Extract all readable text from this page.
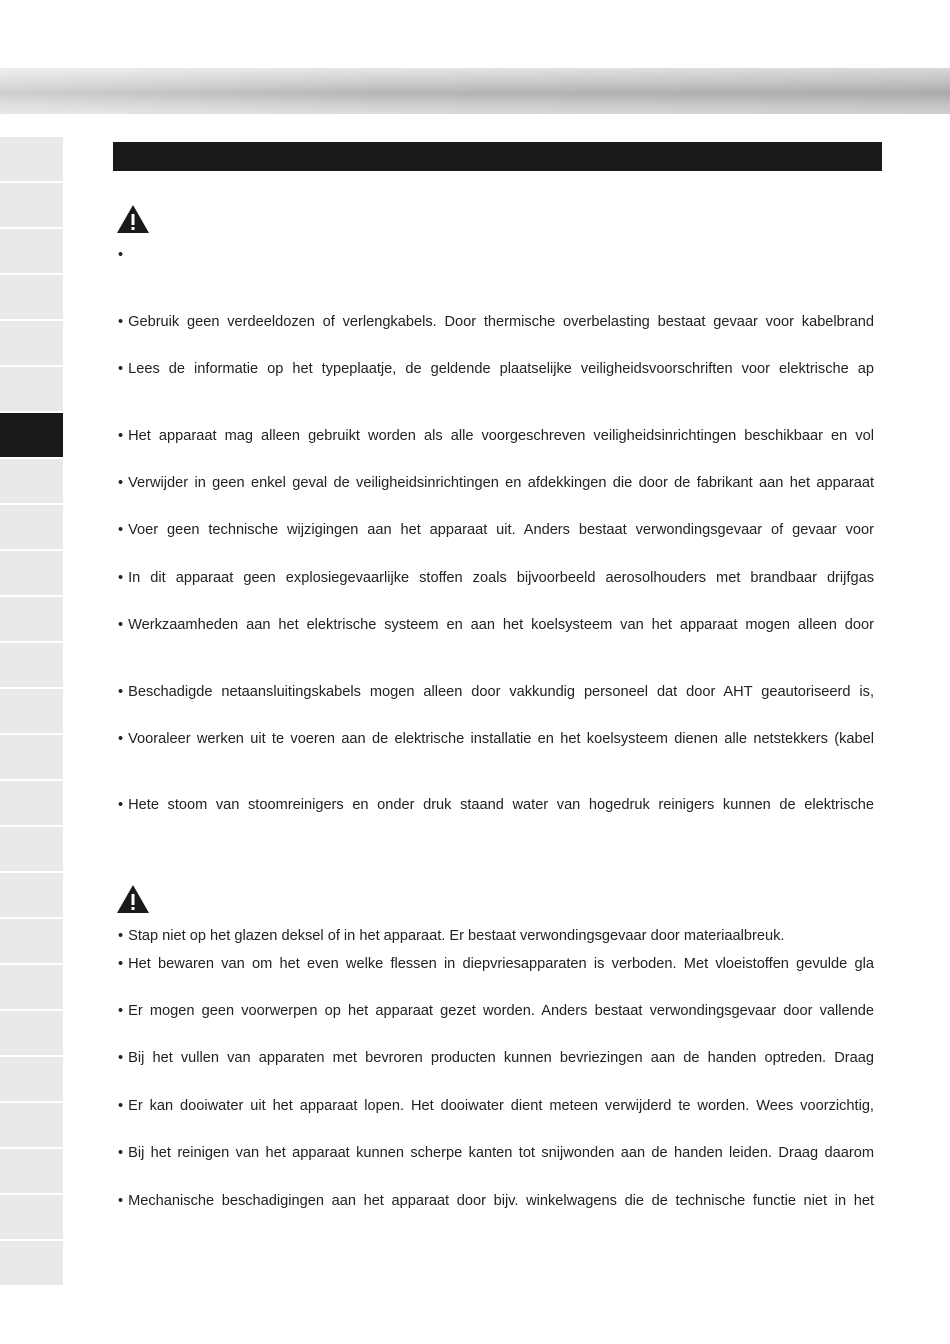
•
• Gebruik geen verdeeldozen of verlengkabels. Door thermische overbelasting bestaat gevaar voor kabelbrand
• Lees de informatie op het typeplaatje, de geldende plaatselijke veiligheidsvoorschriften voor elektrische ap
• Het apparaat mag alleen gebruikt worden als alle voorgeschreven veiligheidsinrichtingen beschikbaar en vol
• Verwijder in geen enkel geval de veiligheidsinrichtingen en afdekkingen die door de fabrikant aan het apparaat
• Voer geen technische wijzigingen aan het apparaat uit. Anders bestaat verwondingsgevaar of gevaar voor
• In dit apparaat geen explosiegevaarlijke stoffen zoals bijvoorbeeld aerosolhouders met brandbaar drijfgas
• Werkzaamheden aan het elektrische systeem en aan het koelsysteem van het apparaat mogen alleen door
• Beschadigde netaansluitingskabels mogen alleen door vakkundig personeel dat door AHT geautoriseerd is,
• Vooraleer werken uit te voeren aan de elektrische installatie en het koelsysteem dienen alle netstekkers (kabel
• Hete stoom van stoomreinigers en onder druk staand water van hogedruk reinigers kunnen de elektrische
• Stap niet op het glazen deksel of in het apparaat. Er bestaat verwondingsgevaar door materiaalbreuk.
• Het bewaren van om het even welke flessen in diepvriesapparaten is verboden. Met vloeistoffen gevulde gla
• Er mogen geen voorwerpen op het apparaat gezet worden. Anders bestaat verwondingsgevaar door vallende
• Bij het vullen van apparaten met bevroren producten kunnen bevriezingen aan de handen optreden. Draag
• Er kan dooiwater uit het apparaat lopen. Het dooiwater dient meteen verwijderd te worden. Wees voorzichtig,
• Bij het reinigen van het apparaat kunnen scherpe kanten tot snijwonden aan de handen leiden. Draag daarom
• Mechanische beschadigingen aan het apparaat door bijv. winkelwagens die de technische functie niet in het
